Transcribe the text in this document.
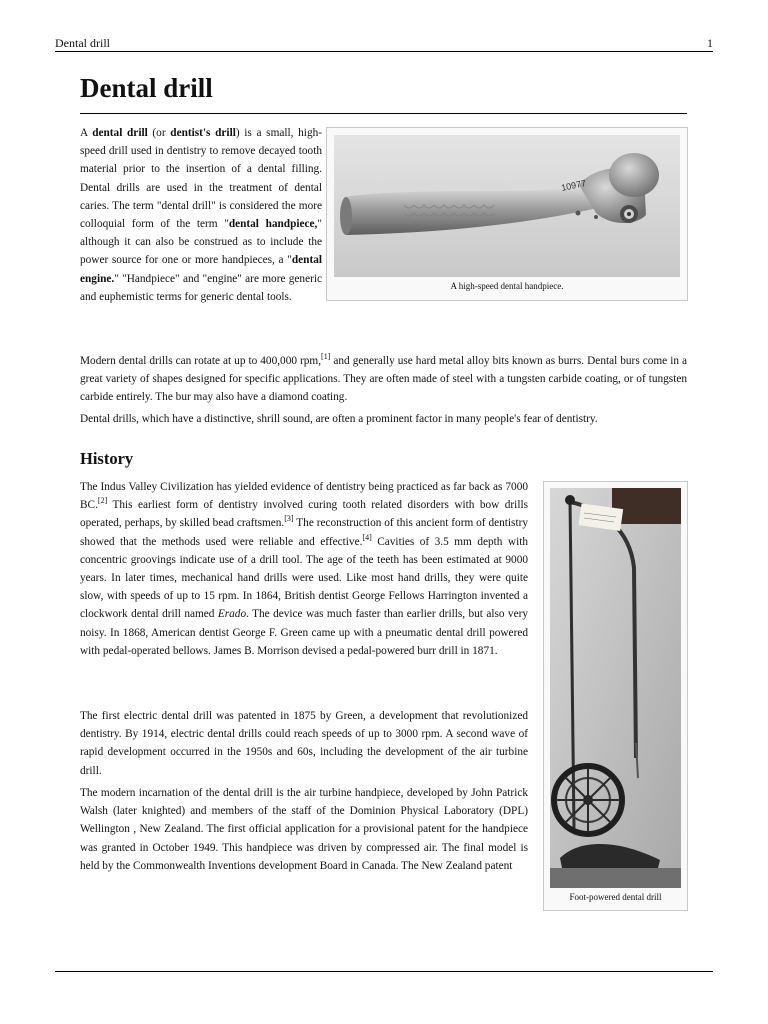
Dental drill	1
Dental drill
10977
A high-speed dental handpiece.

A dental drill (or dentist's drill) is a small, high-speed drill used in dentistry to remove decayed tooth material prior to the insertion of a dental filling. Dental drills are used in the treatment of dental caries. The term "dental drill" is considered the more colloquial form of the term "dental handpiece," although it can also be construed as to include the power source for one or more handpieces, a "dental engine." "Handpiece" and "engine" are more generic and euphemistic terms for generic dental tools.

Modern dental drills can rotate at up to 400,000 rpm,[1] and generally use hard metal alloy bits known as burrs. Dental burs come in a great variety of shapes designed for specific applications. They are often made of steel with a tungsten carbide coating, or of tungsten carbide entirely. The bur may also have a diamond coating.

Dental drills, which have a distinctive, shrill sound, are often a prominent factor in many people's fear of dentistry.

History
Foot-powered dental drill

The Indus Valley Civilization has yielded evidence of dentistry being practiced as far back as 7000 BC.[2] This earliest form of dentistry involved curing tooth related disorders with bow drills operated, perhaps, by skilled bead craftsmen.[3] The reconstruction of this ancient form of dentistry showed that the methods used were reliable and effective.[4] Cavities of 3.5 mm depth with concentric groovings indicate use of a drill tool. The age of the teeth has been estimated at 9000 years. In later times, mechanical hand drills were used. Like most hand drills, they were quite slow, with speeds of up to 15 rpm. In 1864, British dentist George Fellows Harrington invented a clockwork dental drill named Erado. The device was much faster than earlier drills, but also very noisy. In 1868, American dentist George F. Green came up with a pneumatic dental drill powered with pedal-operated bellows. James B. Morrison devised a pedal-powered burr drill in 1871.

The first electric dental drill was patented in 1875 by Green, a development that revolutionized dentistry. By 1914, electric dental drills could reach speeds of up to 3000 rpm. A second wave of rapid development occurred in the 1950s and 60s, including the development of the air turbine drill.

The modern incarnation of the dental drill is the air turbine handpiece, developed by John Patrick Walsh (later knighted) and members of the staff of the Dominion Physical Laboratory (DPL) Wellington , New Zealand. The first official application for a provisional patent for the handpiece was granted in October 1949. This handpiece was driven by compressed air. The final model is held by the Commonwealth Inventions development Board in Canada. The New Zealand patent
